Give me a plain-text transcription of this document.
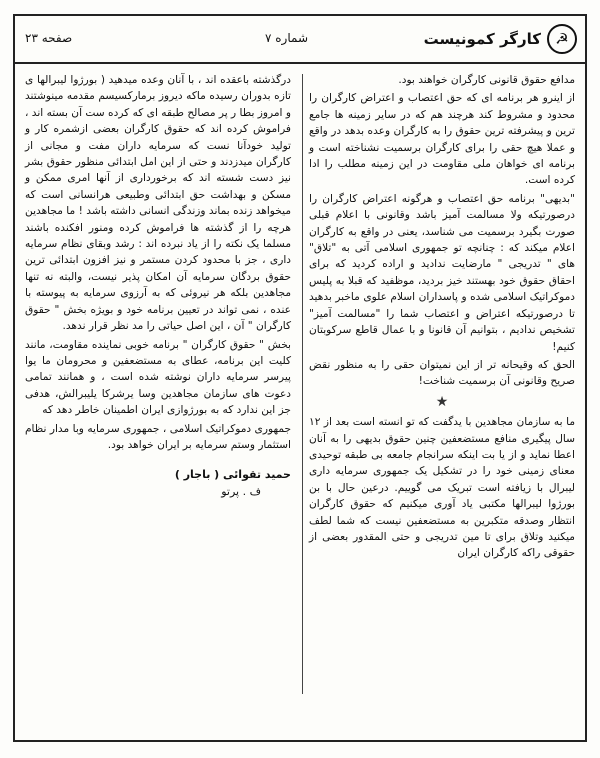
☭
کارگر کمونیست
شماره ۷
صفحه ۲۳

مدافع حقوق قانونی کارگران خواهند بود.

از اینرو هر برنامه ای که حق اعتصاب و اعتراض کارگران را محدود و مشروط کند هرچند هم که در سایر زمینه ها جامع ترین و پیشرفته ترین حقوق را به کارگران وعده بدهد در واقع و عملا هیچ حقی را برای کارگران برسمیت نشناخته است و برنامه ای خواهان ملی مقاومت در این زمینه مطلب را ادا کرده است.

"بدیهی" برنامه حق اعتصاب و هرگونه اعتراض کارگران را درصورتیکه ولا مسالمت آمیز باشد وقانونی با اعلام قبلی صورت بگیرد برسمیت می شناسد، یعنی در واقع به کارگران اعلام میکند که : چنانچه تو جمهوری اسلامی آتی به "تلاق" های " تدریجی " مارضایت ندادید و اراده کردید که برای احقاق حقوق خود بهستند خیز بردید، موظفید که قبلا به پلیس دموکراتیک اسلامی شده و پاسداران اسلام علوی ماخبر بدهید تا درصورتیکه اعتراض و اعتصاب شما را "مسالمت آمیز" تشخیص ندادیم ، بتوانیم آن قانونا و با عمال قاطع سرکوبتان کنیم!

الحق که وقیحانه تر از این نمیتوان حقی را به منظور نقض صریح وقانونی آن برسمیت شناخت!

★

ما به سازمان مجاهدین با یدگفت که تو انسته است بعد از ۱۲ سال پیگیری منافع مستضعفین چنین حقوق بدیهی را به آنان اعطا نماید و از یا بت اینکه سرانجام جامعه بی طبقه توحیدی معنای زمینی خود را در تشکیل یک جمهوری سرمایه داری لیبرال با زیافته است تبریک می گوییم. درعین حال با بن بورژوا لیبرالها مکتبی یاد آوری میکنیم که حقوق کارگران انتظار وصدقه متکبرین به مستضعفین نیست که شما لطف میکنید وتلاق برای تا مین تدریجی و حتی المقدور بعضی از حقوقی راکه کارگران ایران

درگذشته باعقده اند ، با آنان وعده میدهید ( بورژوا لیبرالها ی تازه بدوران رسیده ماکه دیروز برمارکسیسم مقدمه مینوشتند و امروز بطا ر پر مصالح طبقه ای که کرده ست آن بسته اند ، فراموش کرده اند که حقوق کارگران بعضی ازشمره کار و تولید خودآنا نست که سرمایه داران مفت و مجانی از کارگران میدزدند و حتی از این امل ابتدائی منظور حقوق بشر نیز دست شسته اند که برخورداری از آنها امری ممکن و مسکن و بهداشت حق ابتدائی وطبیعی هرانسانی است که میخواهد زنده بماند وزندگی انسانی داشته باشد ! ما مجاهدین هرچه را از گذشته ها فراموش کرده ومنور افکنده باشند مسلما یک نکته را از یاد نبرده اند : رشد وبقای نظام سرمایه داری ، جز با محدود کردن مستمر و نیز افزون ابتدائی ترین حقوق بردگان سرمایه آن امکان پذیر نیست، والبته نه تنها مجاهدین بلکه هر نیروئی که به آرزوی سرمایه به پیوسته با عنده ، نمی تواند در تعیین برنامه خود و بویژه بخش " حقوق کارگران " آن ، این اصل حیاتی را مد نظر قرار ندهد.

بخش " حقوق کارگران " برنامه خوبی نماینده مقاومت، مانند کلیت این برنامه، عطای به مستضعفین و محرومان ما یوا پیرسر سرمایه داران نوشته شده است ، و همانند تمامی دعوت های سازمان مجاهدین وسا یرشرکا یلیبرالش، هدفی جز این ندارد که به بورژوازی ایران اطمینان خاطر دهد که

جمهوری دموکراتیک اسلامی ، جمهوری سرمایه وبا مدار نظام استثمار وستم سرمایه بر ایران خواهد بود.

حمید تقوائی ( باجار )
ف . پرتو
